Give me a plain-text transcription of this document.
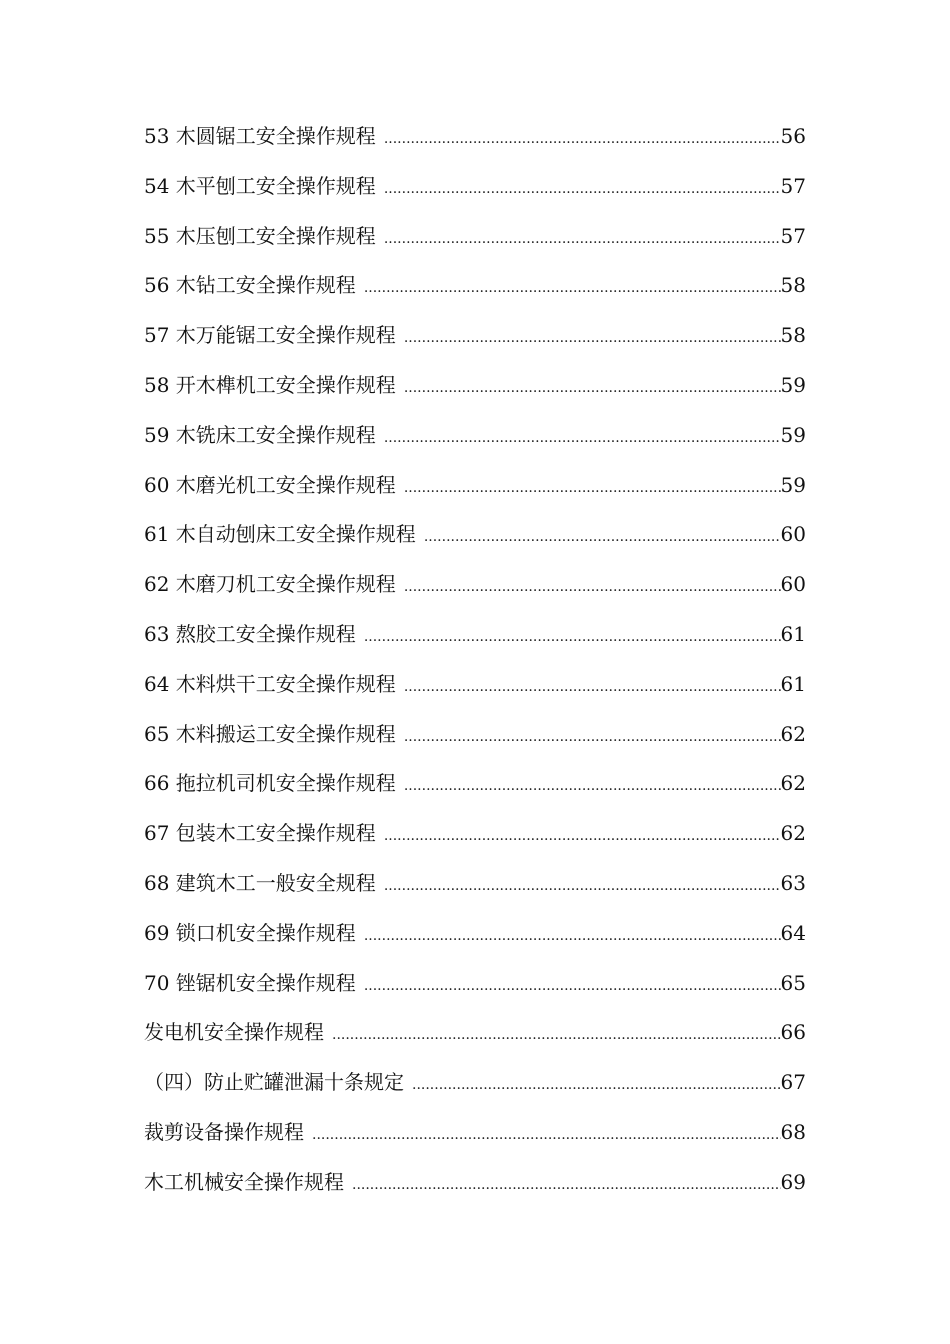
53 木圆锯工安全操作规程 .....	56
54 木平刨工安全操作规程 .....	57
55 木压刨工安全操作规程 .....	57
56 木钻工安全操作规程 .....	58
57 木万能锯工安全操作规程 .....	58
58 开木榫机工安全操作规程 .....	59
59 木铣床工安全操作规程 .....	59
60 木磨光机工安全操作规程 .....	59
61 木自动刨床工安全操作规程 .....	60
62 木磨刀机工安全操作规程 .....	60
63 熬胶工安全操作规程 .....	61
64 木料烘干工安全操作规程 .....	61
65 木料搬运工安全操作规程 .....	62
66 拖拉机司机安全操作规程 .....	62
67 包装木工安全操作规程 .....	62
68 建筑木工一般安全规程 .....	63
69 锁口机安全操作规程 .....	64
70 锉锯机安全操作规程 .....	65
发电机安全操作规程 .....	66
（四）防止贮罐泄漏十条规定 .....	67
裁剪设备操作规程 .....	68
木工机械安全操作规程 .....	69
